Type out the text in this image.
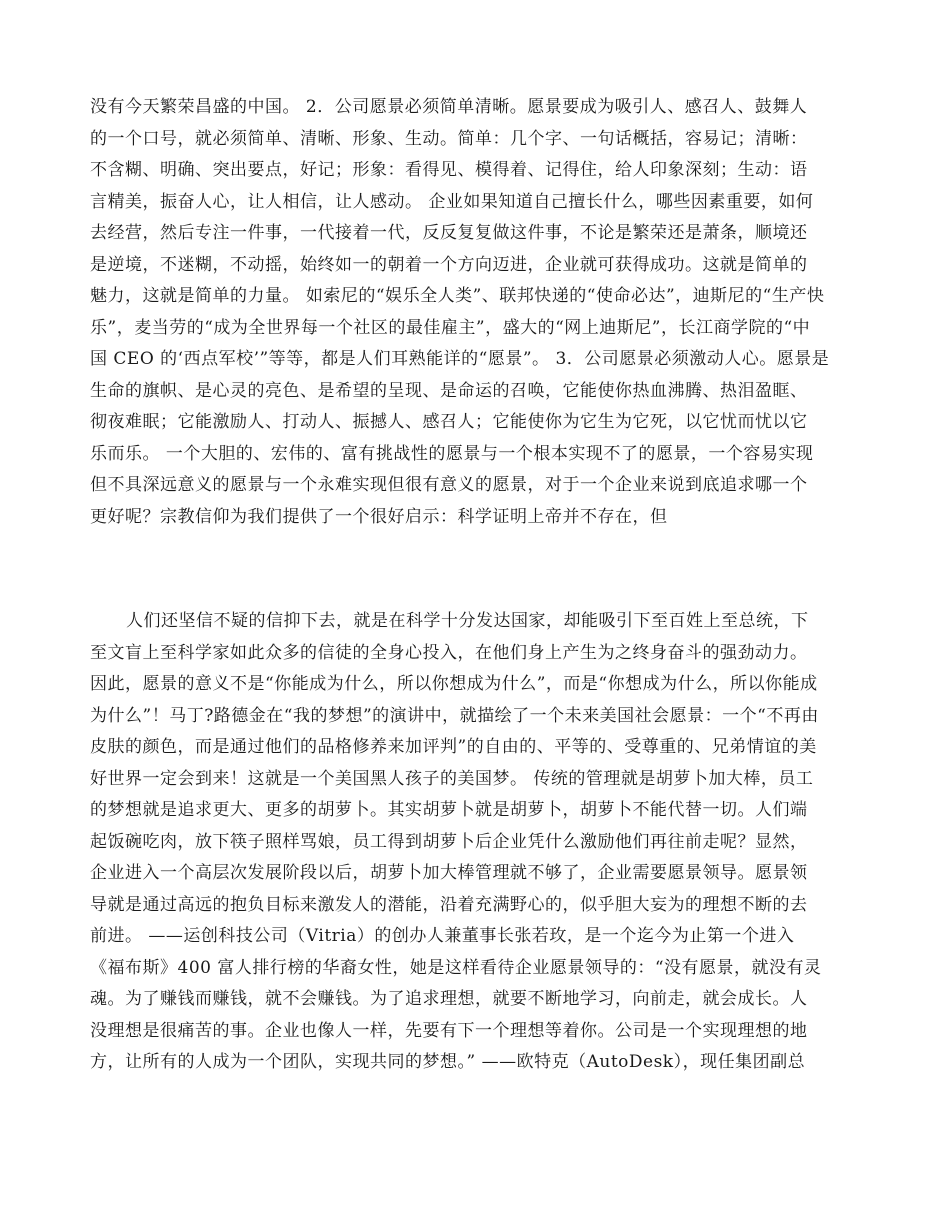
没有今天繁荣昌盛的中国。 2．公司愿景必须简单清晰。愿景要成为吸引人、感召人、鼓舞人
的一个口号，就必须简单、清晰、形象、生动。简单：几个字、一句话概括，容易记；清晰：
不含糊、明确、突出要点，好记；形象：看得见、模得着、记得住，给人印象深刻；生动：语
言精美，振奋人心，让人相信，让人感动。 企业如果知道自己擅长什么，哪些因素重要，如何
去经营，然后专注一件事，一代接着一代，反反复复做这件事，不论是繁荣还是萧条，顺境还
是逆境，不迷糊，不动摇，始终如一的朝着一个方向迈进，企业就可获得成功。这就是简单的
魅力，这就是简单的力量。 如索尼的“娱乐全人类”、联邦快递的“使命必达”，迪斯尼的“生产快
乐”，麦当劳的“成为全世界每一个社区的最佳雇主”，盛大的“网上迪斯尼”，长江商学院的“中
国 CEO 的‘西点军校’”等等，都是人们耳熟能详的“愿景”。 3．公司愿景必须激动人心。愿景是
生命的旗帜、是心灵的亮色、是希望的呈现、是命运的召唤，它能使你热血沸腾、热泪盈眶、
彻夜难眠；它能激励人、打动人、振撼人、感召人；它能使你为它生为它死，以它忧而忧以它
乐而乐。 一个大胆的、宏伟的、富有挑战性的愿景与一个根本实现不了的愿景，一个容易实现
但不具深远意义的愿景与一个永难实现但很有意义的愿景，对于一个企业来说到底追求哪一个
更好呢？宗教信仰为我们提供了一个很好启示：科学证明上帝并不存在，但
人们还坚信不疑的信抑下去，就是在科学十分发达国家，却能吸引下至百姓上至总统，下
至文盲上至科学家如此众多的信徒的全身心投入，在他们身上产生为之终身奋斗的强劲动力。
因此，愿景的意义不是“你能成为什么，所以你想成为什么”，而是“你想成为什么，所以你能成
为什么”！马丁?路德金在“我的梦想”的演讲中，就描绘了一个未来美国社会愿景：一个“不再由
皮肤的颜色，而是通过他们的品格修养来加评判”的自由的、平等的、受尊重的、兄弟情谊的美
好世界一定会到来！这就是一个美国黑人孩子的美国梦。 传统的管理就是胡萝卜加大棒，员工
的梦想就是追求更大、更多的胡萝卜。其实胡萝卜就是胡萝卜，胡萝卜不能代替一切。人们端
起饭碗吃肉，放下筷子照样骂娘，员工得到胡萝卜后企业凭什么激励他们再往前走呢？显然，
企业进入一个高层次发展阶段以后，胡萝卜加大棒管理就不够了，企业需要愿景领导。愿景领
导就是通过高远的抱负目标来激发人的潜能，沿着充满野心的，似乎胆大妄为的理想不断的去
前进。 ——运创科技公司（Vitria）的创办人兼董事长张若玫，是一个迄今为止第一个进入
《福布斯》400 富人排行榜的华裔女性，她是这样看待企业愿景领导的：“没有愿景，就没有灵
魂。为了赚钱而赚钱，就不会赚钱。为了追求理想，就要不断地学习，向前走，就会成长。人
没理想是很痛苦的事。企业也像人一样，先要有下一个理想等着你。公司是一个实现理想的地
方，让所有的人成为一个团队，实现共同的梦想。” ——欧特克（AutoDesk），现任集团副总
